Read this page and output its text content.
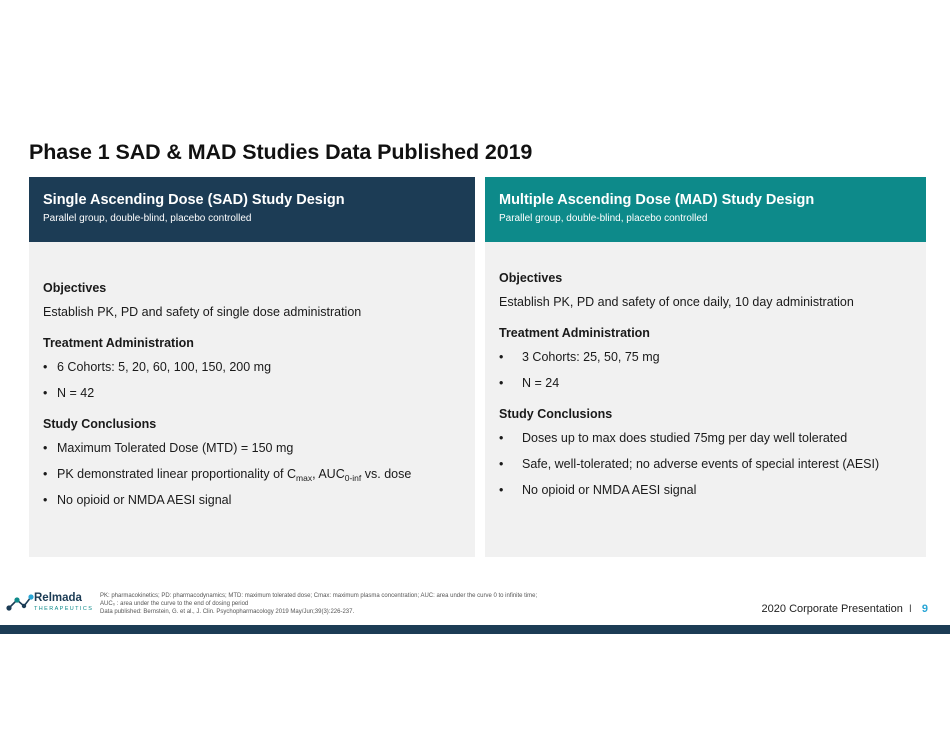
Phase 1 SAD & MAD Studies Data Published 2019
Single Ascending Dose (SAD) Study Design
Parallel group, double-blind, placebo controlled
Objectives
Establish PK, PD and safety of single dose administration
Treatment Administration
• 6 Cohorts: 5, 20, 60, 100, 150, 200 mg
• N = 42
Study Conclusions
• Maximum Tolerated Dose (MTD) = 150 mg
• PK demonstrated linear proportionality of $C_{max}$, $AUC_{0-inf}$ vs. dose
• No opioid or NMDA AESI signal
Multiple Ascending Dose (MAD) Study Design
Parallel group, double-blind, placebo controlled
Objectives
Establish PK, PD and safety of once daily, 10 day administration
Treatment Administration
• 3 Cohorts: 25, 50, 75 mg
• N = 24
Study Conclusions
• Doses up to max does studied 75mg per day well tolerated
• Safe, well-tolerated; no adverse events of special interest (AESI)
• No opioid or NMDA AESI signal
Relmada
THERAPEUTICS
PK: pharmacokinetics; PD: pharmacodynamics; MTD: maximum tolerated dose; Cmax: maximum plasma concentration; AUC: area under the curve 0 to infinite time;
AUC₀ : area under the curve to the end of dosing period
Data published: Bernstein, G. et al., J. Clin. Psychopharmacology 2019 May/Jun;39(3):226-237.	2020 Corporate Presentation I 9
